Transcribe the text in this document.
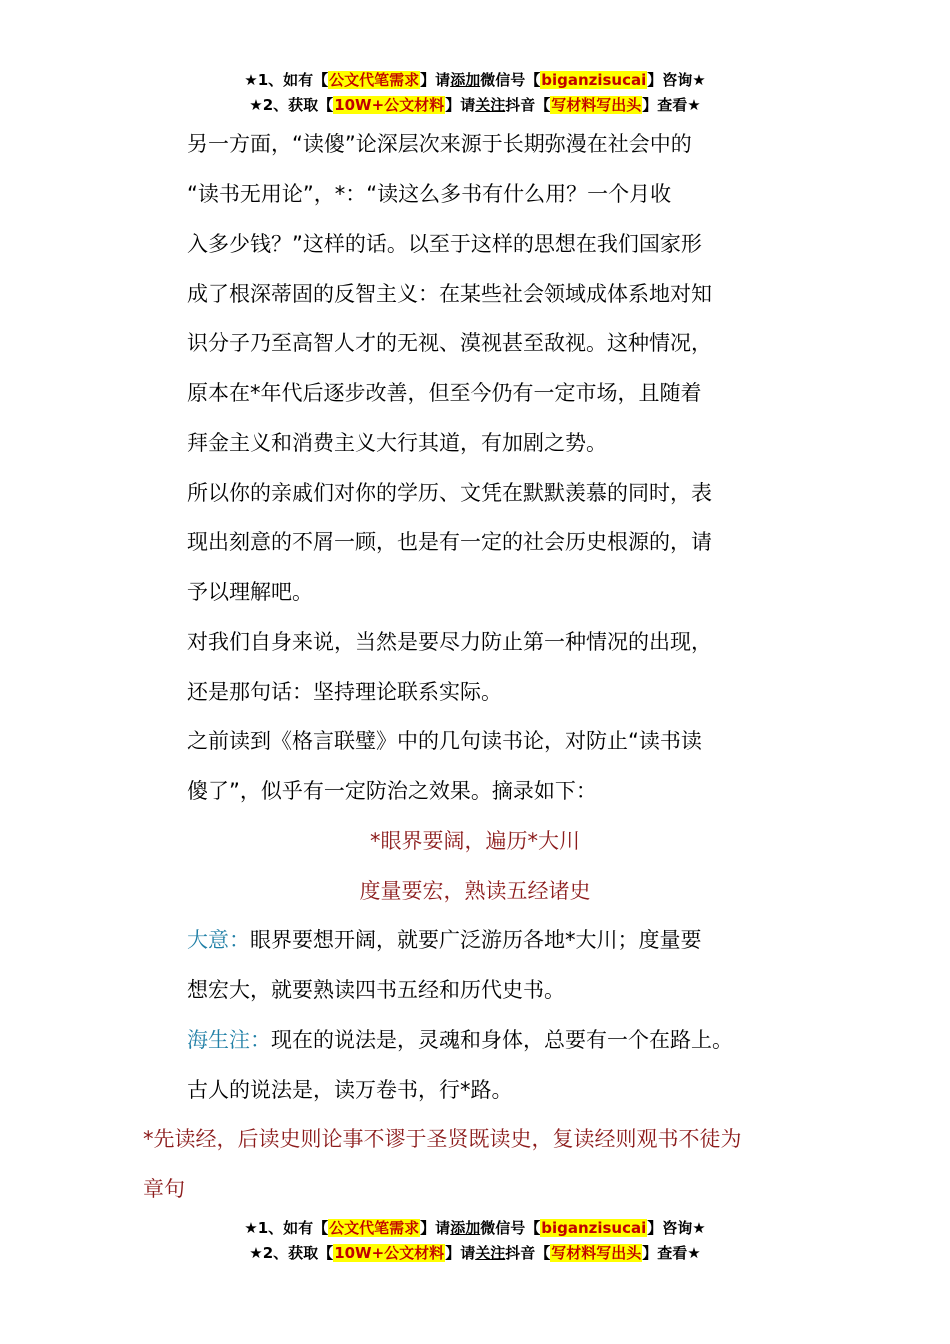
★1、如有【公文代笔需求】请添加微信号【biganzisucai】咨询★
★2、获取【10W+公文材料】请关注抖音【写材料写出头】查看★
另一方面，“读傻”论深层次来源于长期弥漫在社会中的
“读书无用论”，*：“读这么多书有什么用？一个月收
入多少钱？”这样的话。以至于这样的思想在我们国家形
成了根深蒂固的反智主义：在某些社会领域成体系地对知
识分子乃至高智人才的无视、漠视甚至敌视。这种情况，
原本在*年代后逐步改善，但至今仍有一定市场，且随着
拜金主义和消费主义大行其道，有加剧之势。
所以你的亲戚们对你的学历、文凭在默默羡慕的同时，表
现出刻意的不屑一顾，也是有一定的社会历史根源的，请
予以理解吧。
对我们自身来说，当然是要尽力防止第一种情况的出现，
还是那句话：坚持理论联系实际。
之前读到《格言联璧》中的几句读书论，对防止“读书读
傻了”，似乎有一定防治之效果。摘录如下：
*眼界要阔，遍历*大川
度量要宏，熟读五经诸史
大意：眼界要想开阔，就要广泛游历各地*大川；度量要
想宏大，就要熟读四书五经和历代史书。
海生注：现在的说法是，灵魂和身体，总要有一个在路上。
古人的说法是，读万卷书，行*路。
*先读经，后读史则论事不谬于圣贤既读史，复读经则观书不徒为
章句
★1、如有【公文代笔需求】请添加微信号【biganzisucai】咨询★
★2、获取【10W+公文材料】请关注抖音【写材料写出头】查看★
